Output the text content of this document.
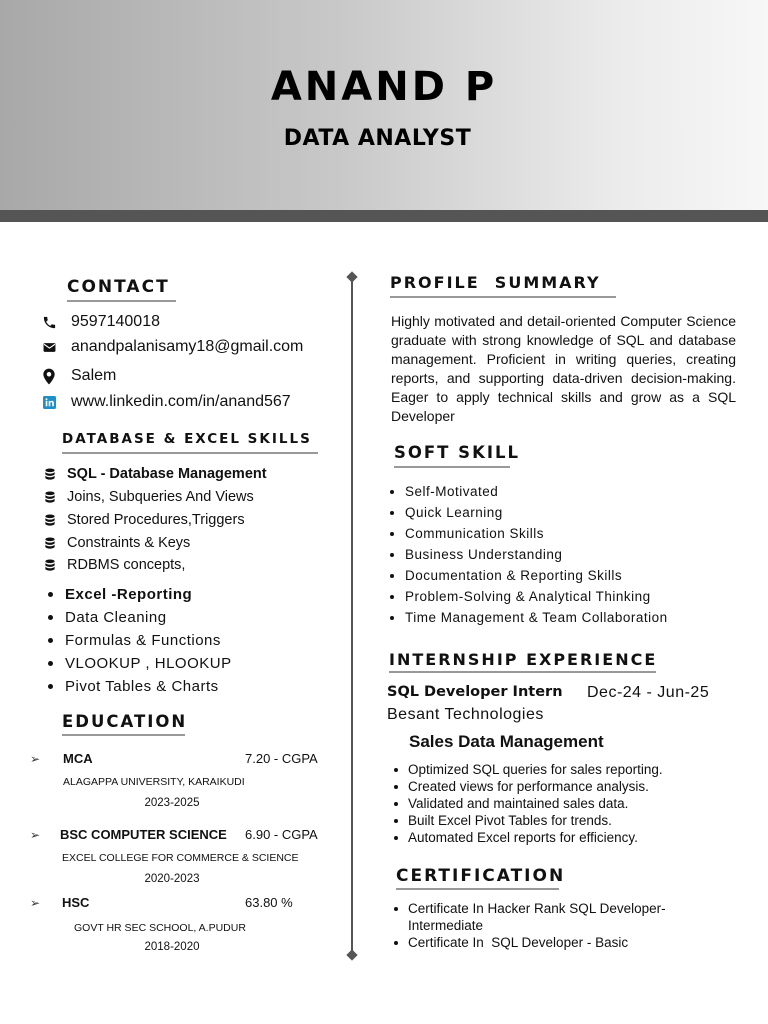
ANAND P
DATA ANALYST
CONTACT
9597140018
anandpalanisamy18@gmail.com
Salem
www.linkedin.com/in/anand567
DATABASE & EXCEL SKILLS
SQL - Database Management
Joins, Subqueries And Views
Stored Procedures,Triggers
Constraints & Keys
RDBMS concepts,
Excel -Reporting
Data Cleaning
Formulas & Functions
VLOOKUP , HLOOKUP
Pivot Tables & Charts
EDUCATION
➢ MCA	7.20 - CGPA
ALAGAPPA UNIVERSITY, KARAIKUDI
2023-2025
➢ BSC COMPUTER SCIENCE 6.90 - CGPA
EXCEL COLLEGE FOR COMMERCE & SCIENCE
2020-2023
➢ HSC	63.80 %
GOVT HR SEC SCHOOL, A.PUDUR
2018-2020
PROFILE  SUMMARY
Highly motivated and detail-oriented Computer Science graduate with strong knowledge of SQL and database management. Proficient in writing queries, creating reports, and supporting data-driven decision-making. Eager to apply technical skills and grow as a SQL Developer
SOFT SKILL
Self-Motivated
Quick Learning
Communication Skills
Business Understanding
Documentation & Reporting Skills
Problem-Solving & Analytical Thinking
Time Management & Team Collaboration
INTERNSHIP EXPERIENCE
SQL Developer Intern Dec-24 - Jun-25
Besant Technologies
Sales Data Management
Optimized SQL queries for sales reporting.
Created views for performance analysis.
Validated and maintained sales data.
Built Excel Pivot Tables for trends.
Automated Excel reports for efficiency.
CERTIFICATION
Certificate In Hacker Rank SQL Developer-Intermediate
Certificate In  SQL Developer - Basic
